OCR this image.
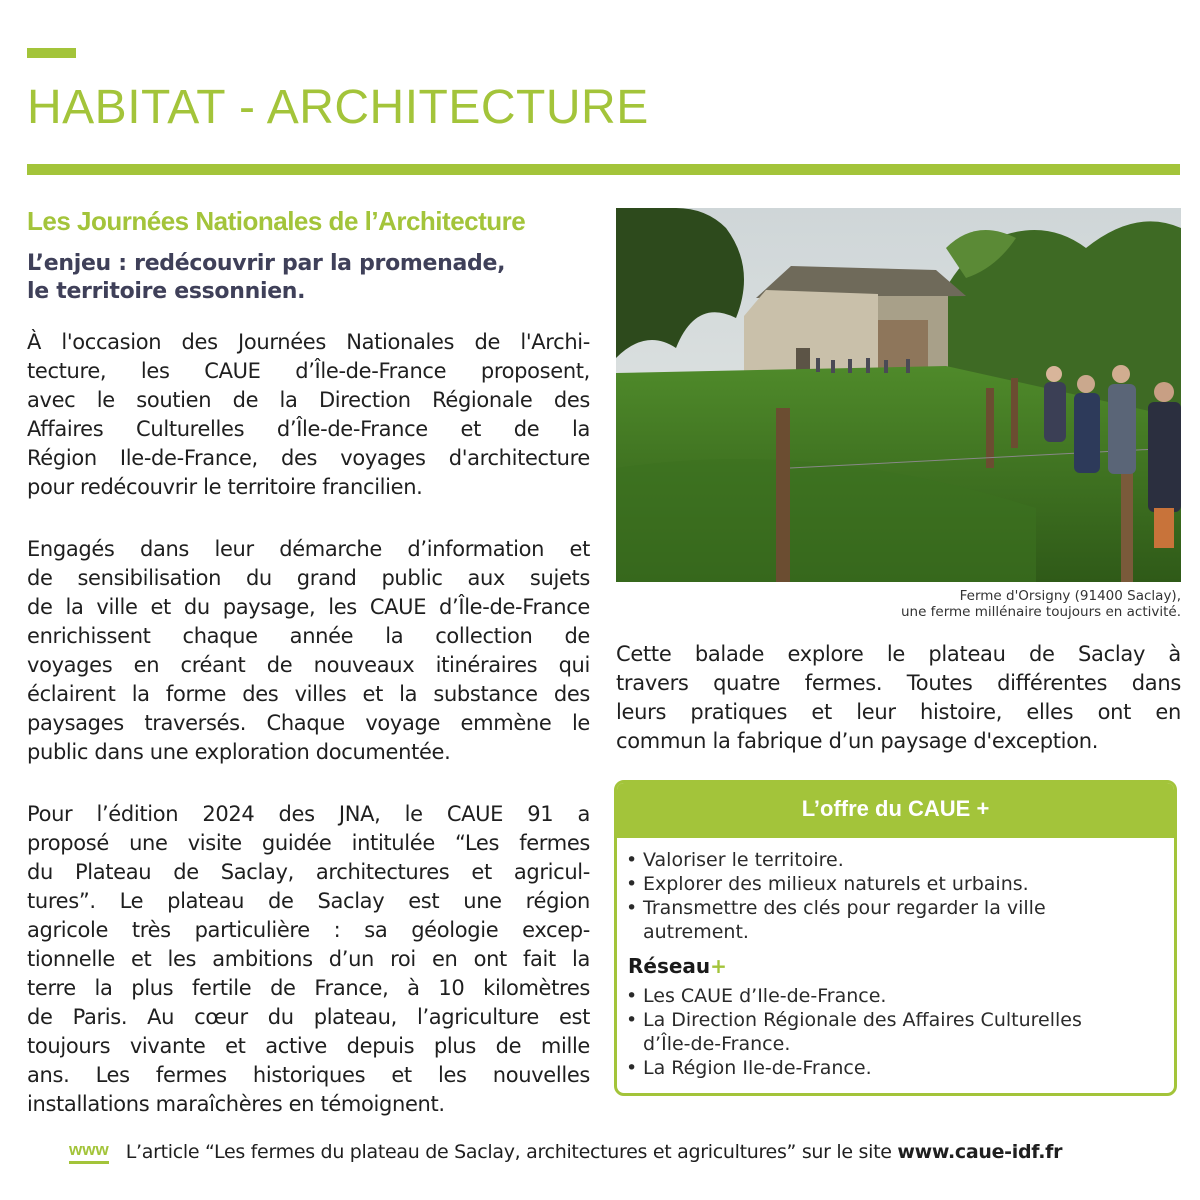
HABITAT - ARCHITECTURE
Les Journées Nationales de l’Architecture

L’enjeu : redécouvrir par la promenade,
le territoire essonnien.

À l'occasion des Journées Nationales de l'Archi-
tecture, les CAUE d’Île-de-France proposent,
avec le soutien de la Direction Régionale des
Affaires Culturelles d’Île-de-France et de la
Région Ile-de-France, des voyages d'architecture
pour redécouvrir le territoire francilien.

Engagés dans leur démarche d’information et
de sensibilisation du grand public aux sujets
de la ville et du paysage, les CAUE d’Île-de-France
enrichissent chaque année la collection de
voyages en créant de nouveaux itinéraires qui
éclairent la forme des villes et la substance des
paysages traversés. Chaque voyage emmène le
public dans une exploration documentée.

Pour l’édition 2024 des JNA, le CAUE 91 a
proposé une visite guidée intitulée “Les fermes
du Plateau de Saclay, architectures et agricul-
tures”. Le plateau de Saclay est une région
agricole très particulière : sa géologie excep-
tionnelle et les ambitions d’un roi en ont fait la
terre la plus fertile de France, à 10 kilomètres
de Paris. Au cœur du plateau, l’agriculture est
toujours vivante et active depuis plus de mille
ans. Les fermes historiques et les nouvelles
installations maraîchères en témoignent.

Ferme d'Orsigny (91400 Saclay),
une ferme millénaire toujours en activité.

Cette balade explore le plateau de Saclay à
travers quatre fermes. Toutes différentes dans
leurs pratiques et leur histoire, elles ont en
commun la fabrique d’un paysage d'exception.

L’offre du CAUE +
• Valoriser le territoire.
• Explorer des milieux naturels et urbains.
• Transmettre des clés pour regarder la ville
autrement.
Réseau+
• Les CAUE d’Ile-de-France.
• La Direction Régionale des Affaires Culturelles
d’Île-de-France.
• La Région Ile-de-France.
www L’article “Les fermes du plateau de Saclay, architectures et agricultures” sur le site www.caue-idf.fr
